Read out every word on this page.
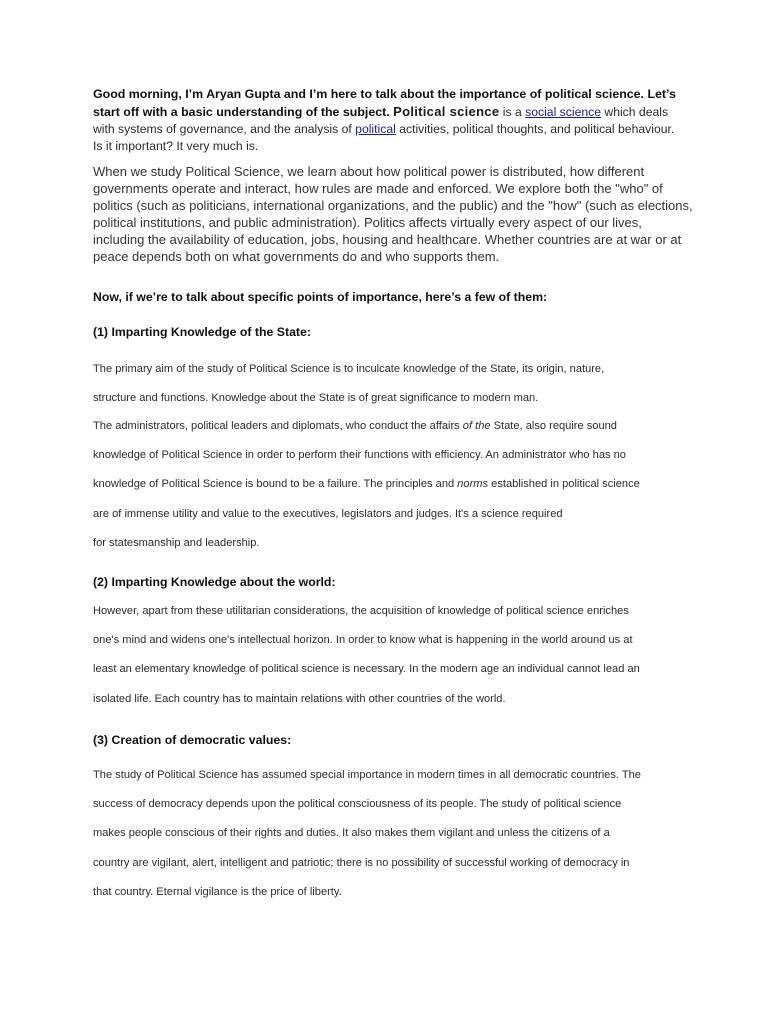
Good morning, I’m Aryan Gupta and I’m here to talk about the importance of political science. Let’s start off with a basic understanding of the subject. Political science is a social science which deals with systems of governance, and the analysis of political activities, political thoughts, and political behaviour. Is it important? It very much is.

When we study Political Science, we learn about how political power is distributed, how different governments operate and interact, how rules are made and enforced. We explore both the "who" of politics (such as politicians, international organizations, and the public) and the "how" (such as elections, political institutions, and public administration). Politics affects virtually every aspect of our lives, including the availability of education, jobs, housing and healthcare. Whether countries are at war or at peace depends both on what governments do and who supports them.

Now, if we’re to talk about specific points of importance, here’s a few of them:

(1) Imparting Knowledge of the State:

The primary aim of the study of Political Science is to inculcate knowledge of the State, its origin, nature,
structure and functions. Knowledge about the State is of great significance to modern man.

The administrators, political leaders and diplomats, who conduct the affairs of the State, also require sound
knowledge of Political Science in order to perform their functions with efficiency. An administrator who has no
knowledge of Political Science is bound to be a failure. The principles and norms established in political science
are of immense utility and value to the executives, legislators and judges. It's a science required
for statesmanship and leadership.

(2) Imparting Knowledge about the world:

However, apart from these utilitarian considerations, the acquisition of knowledge of political science enriches
one's mind and widens one's intellectual horizon. In order to know what is happening in the world around us at
least an elementary knowledge of political science is necessary. In the modern age an individual cannot lead an
isolated life. Each country has to maintain relations with other countries of the world.

(3) Creation of democratic values:

The study of Political Science has assumed special importance in modern times in all democratic countries. The
success of democracy depends upon the political consciousness of its people. The study of political science
makes people conscious of their rights and duties. It also makes them vigilant and unless the citizens of a
country are vigilant, alert, intelligent and patriotic; there is no possibility of successful working of democracy in
that country. Eternal vigilance is the price of liberty.
